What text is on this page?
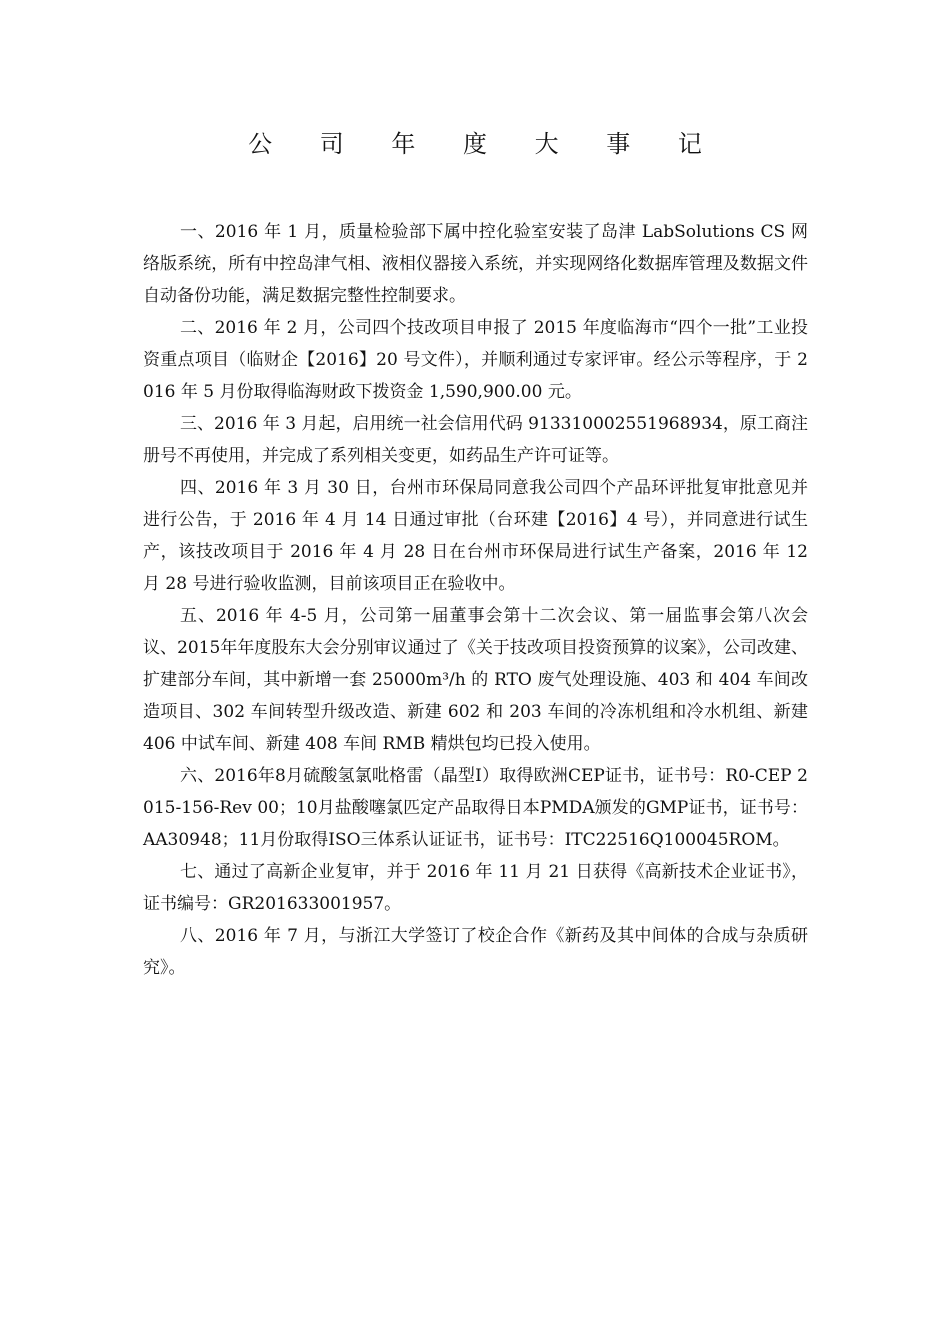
公 司 年 度 大 事 记

一、2016 年 1 月，质量检验部下属中控化验室安装了岛津 LabSolutions CS 网络版系统，所有中控岛津气相、液相仪器接入系统，并实现网络化数据库管理及数据文件自动备份功能，满足数据完整性控制要求。

二、2016 年 2 月，公司四个技改项目申报了 2015 年度临海市“四个一批”工业投资重点项目（临财企【2016】20 号文件），并顺利通过专家评审。经公示等程序，于 2016 年 5 月份取得临海财政下拨资金 1,590,900.00 元。

三、2016 年 3 月起，启用统一社会信用代码 913310002551968934，原工商注册号不再使用，并完成了系列相关变更，如药品生产许可证等。

四、2016 年 3 月 30 日，台州市环保局同意我公司四个产品环评批复审批意见并进行公告，于 2016 年 4 月 14 日通过审批（台环建【2016】4 号），并同意进行试生产，该技改项目于 2016 年 4 月 28 日在台州市环保局进行试生产备案，2016 年 12 月 28 号进行验收监测，目前该项目正在验收中。

五、2016 年 4-5 月，公司第一届董事会第十二次会议、第一届监事会第八次会议、2015年年度股东大会分别审议通过了《关于技改项目投资预算的议案》，公司改建、扩建部分车间，其中新增一套 25000m³/h 的 RTO 废气处理设施、403 和 404 车间改造项目、302 车间转型升级改造、新建 602 和 203 车间的冷冻机组和冷水机组、新建 406 中试车间、新建 408 车间 RMB 精烘包均已投入使用。

六、2016年8月硫酸氢氯吡格雷（晶型I）取得欧洲CEP证书，证书号：R0-CEP 2015-156-Rev 00；10月盐酸噻氯匹定产品取得日本PMDA颁发的GMP证书，证书号：AA30948；11月份取得ISO三体系认证证书，证书号：ITC22516Q100045ROM。

七、通过了高新企业复审，并于 2016 年 11 月 21 日获得《高新技术企业证书》，证书编号：GR201633001957。

八、2016 年 7 月，与浙江大学签订了校企合作《新药及其中间体的合成与杂质研究》。
